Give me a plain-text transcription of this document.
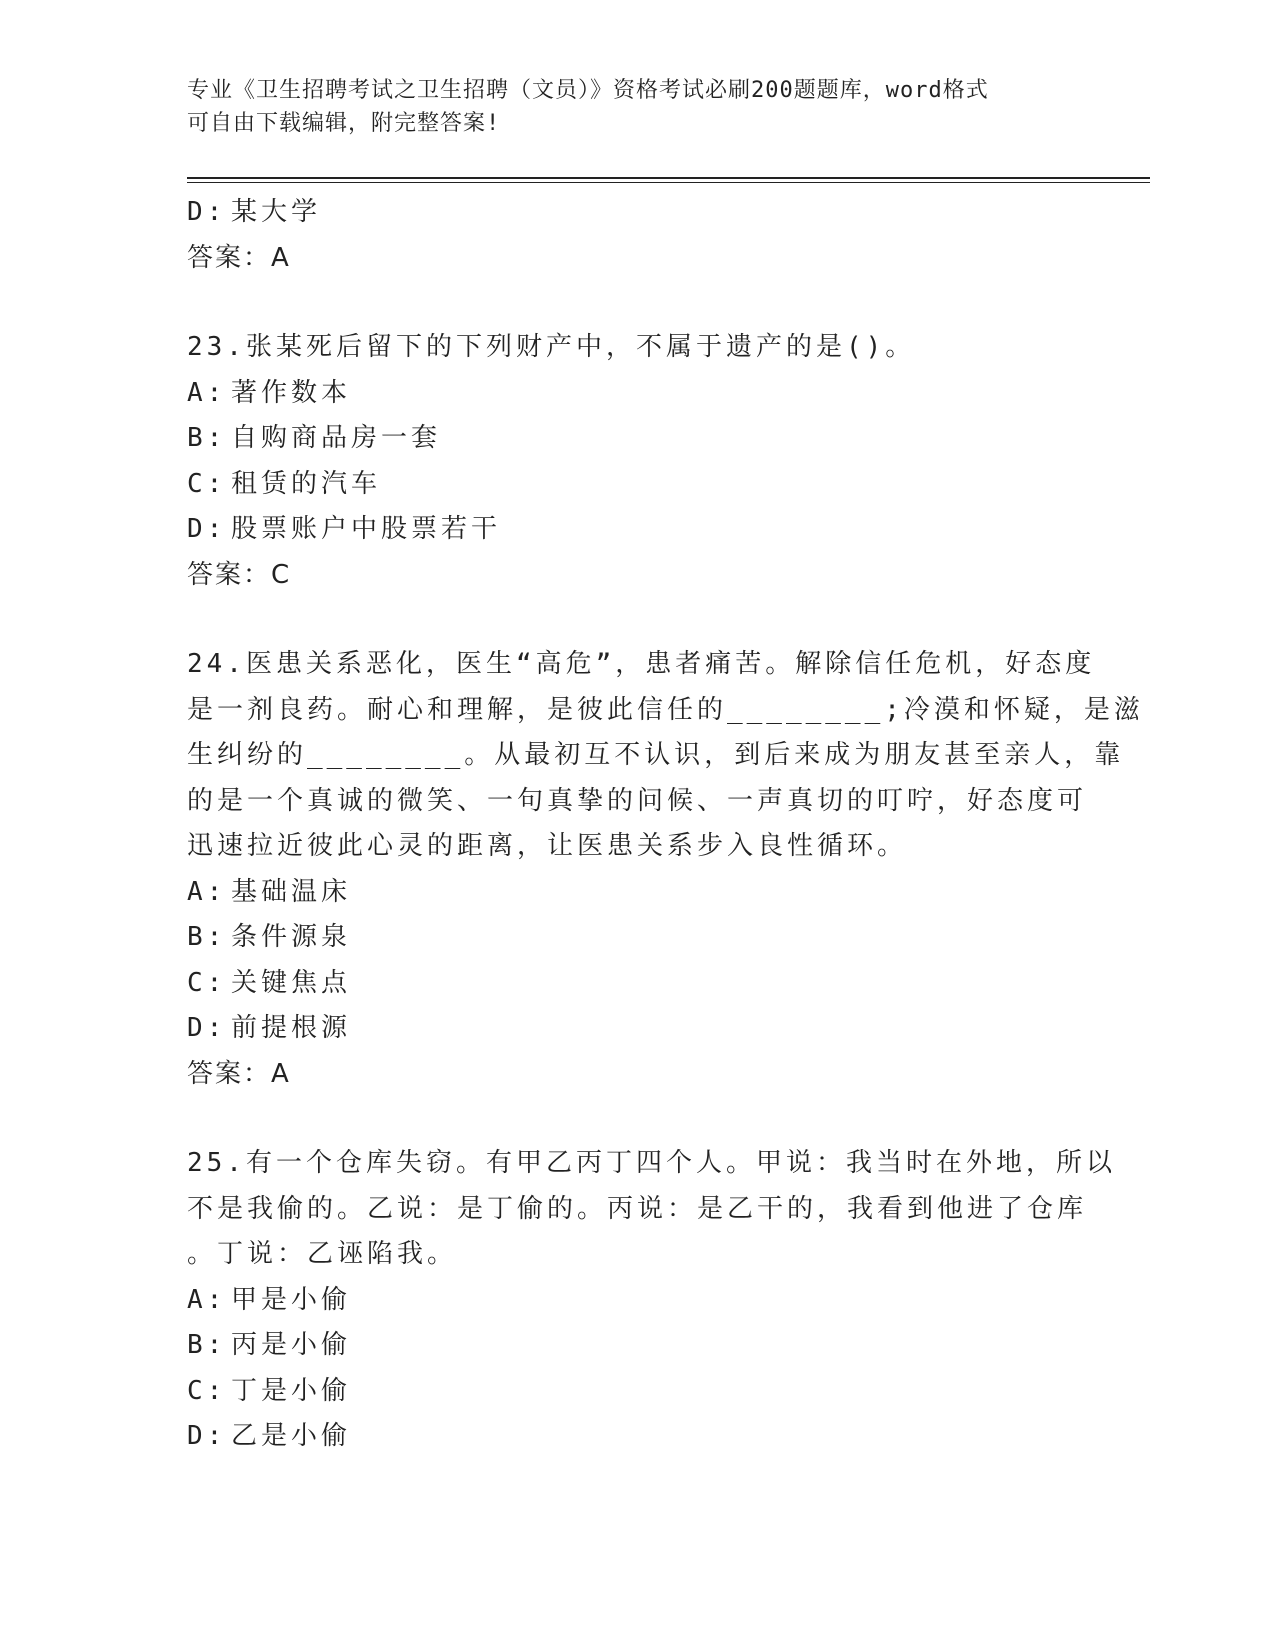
专业《卫生招聘考试之卫生招聘（文员）》资格考试必刷200题题库，word格式
可自由下载编辑，附完整答案!
D: 某大学
答案：A
23.张某死后留下的下列财产中，不属于遗产的是()。
A: 著作数本
B: 自购商品房一套
C: 租赁的汽车
D: 股票账户中股票若干
答案：C
24.医患关系恶化，医生“高危”，患者痛苦。解除信任危机，好态度
是一剂良药。耐心和理解，是彼此信任的________;冷漠和怀疑，是滋
生纠纷的________。从最初互不认识，到后来成为朋友甚至亲人，靠
的是一个真诚的微笑、一句真挚的问候、一声真切的叮咛，好态度可
迅速拉近彼此心灵的距离，让医患关系步入良性循环。
A: 基础温床
B: 条件源泉
C: 关键焦点
D: 前提根源
答案：A
25.有一个仓库失窃。有甲乙丙丁四个人。甲说：我当时在外地，所以
不是我偷的。乙说：是丁偷的。丙说：是乙干的，我看到他进了仓库
。丁说：乙诬陷我。
A: 甲是小偷
B: 丙是小偷
C: 丁是小偷
D: 乙是小偷
